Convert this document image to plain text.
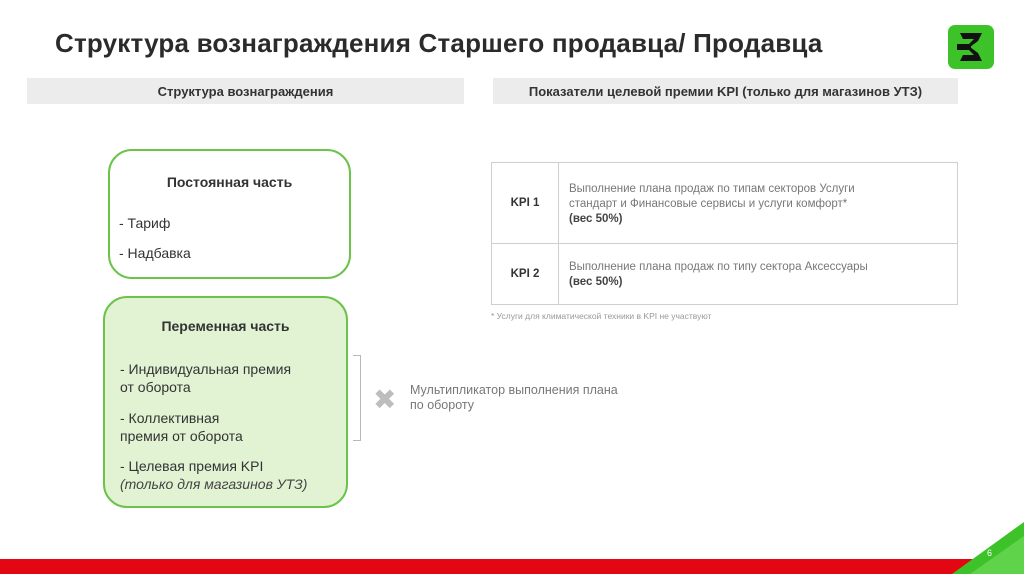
Структура вознаграждения Старшего продавца/ Продавца
Структура вознаграждения	Показатели целевой премии KPI (только для магазинов УТЗ)
Постоянная часть
- Тариф
- Надбавка
Переменная часть
- Индивидуальная премия
от оборота
- Коллективная
премия от оборота
- Целевая премия KPI
(только для магазинов УТЗ)
✖ Мультипликатор выполнения плана
по обороту
KPI 1
Выполнение плана продаж по типам секторов Услуги
стандарт и Финансовые сервисы и услуги комфорт*
(вес 50%)
KPI 2
Выполнение плана продаж по типу сектора Аксессуары
(вес 50%)
* Услуги для климатической техники в KPI не участвуют
6
